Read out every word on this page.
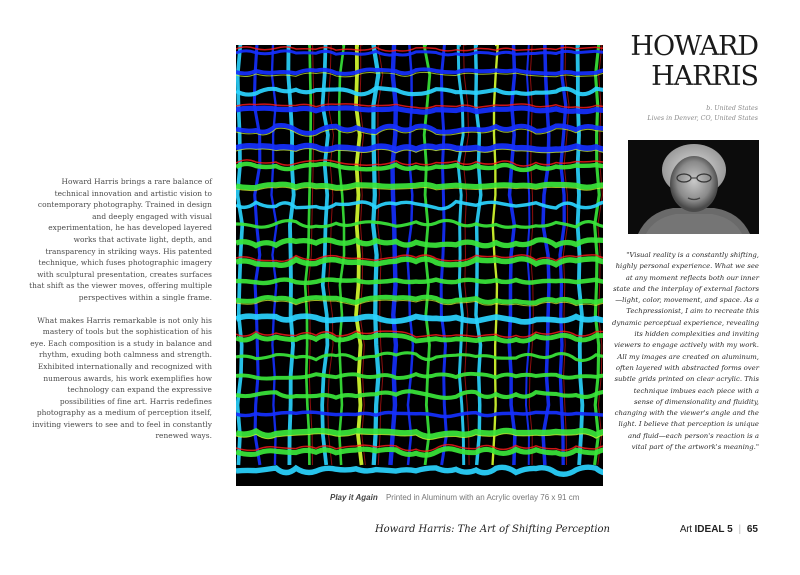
Howard Harris brings a rare balance of technical innovation and artistic vision to contemporary photography. Trained in design and deeply engaged with visual experimentation, he has developed layered works that activate light, depth, and transparency in striking ways. His patented technique, which fuses photographic imagery with sculptural presentation, creates surfaces that shift as the viewer moves, offering multiple perspectives within a single frame.

What makes Harris remarkable is not only his mastery of tools but the sophistication of his eye. Each composition is a study in balance and rhythm, exuding both calmness and strength. Exhibited internationally and recognized with numerous awards, his work exemplifies how technology can expand the expressive possibilities of fine art. Harris redefines photography as a medium of perception itself, inviting viewers to see and to feel in constantly renewed ways.

Play it Again Printed in Aluminum with an Acrylic overlay 76 x 91 cm
Howard Harris: The Art of Shifting Perception
HOWARD
HARRIS
b. United States
Lives in Denver, CO, United States
"Visual reality is a constantly shifting, highly personal experience. What we see at any moment reflects both our inner state and the interplay of external factors—light, color, movement, and space. As a Techpressionist, I aim to recreate this dynamic perceptual experience, revealing its hidden complexities and inviting viewers to engage actively with my work. All my images are created on aluminum, often layered with abstracted forms over subtle grids printed on clear acrylic. This technique imbues each piece with a sense of dimensionality and fluidity, changing with the viewer's angle and the light. I believe that perception is unique and fluid—each person's reaction is a vital part of the artwork's meaning."
Art IDEAL 5 | 65
